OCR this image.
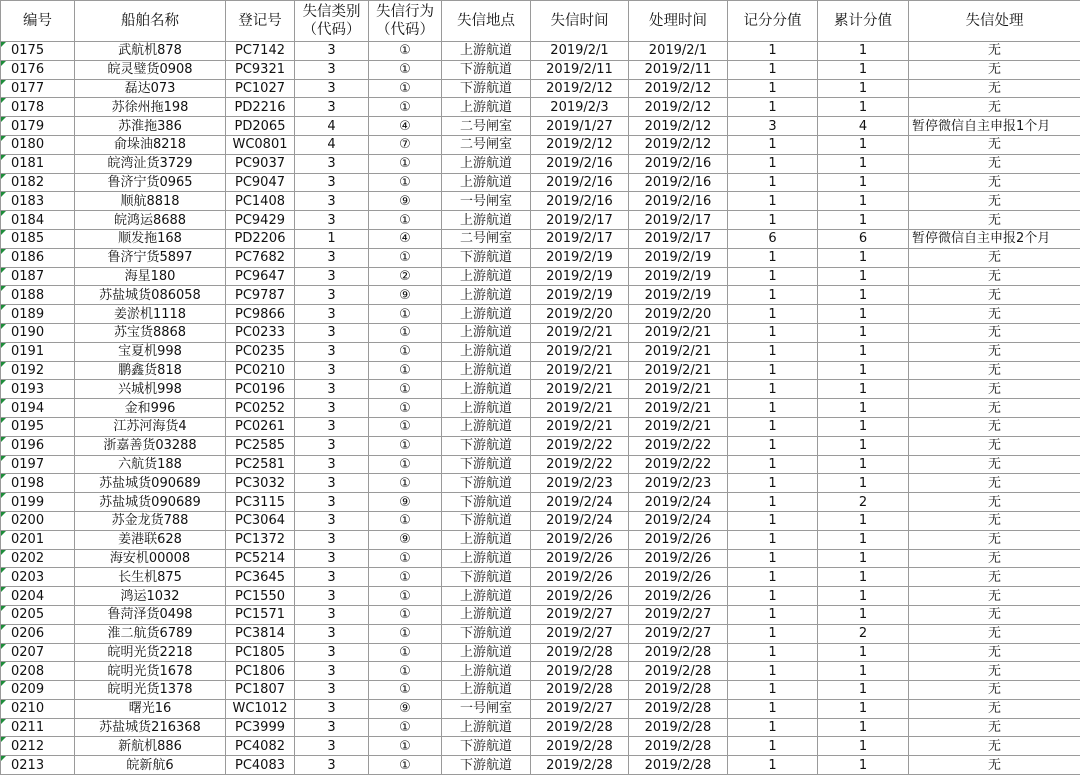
编号	船舶名称	登记号	失信类别（代码）	失信行为（代码）	失信地点	失信时间	处理时间	记分分值	累计分值	失信处理

0175	武航机878	PC7142	3	①	上游航道	2019/2/1	2019/2/1	1	1	无

0176	皖灵璧货0908	PC9321	3	①	下游航道	2019/2/11	2019/2/11	1	1	无

0177	磊达073	PC1027	3	①	下游航道	2019/2/12	2019/2/12	1	1	无

0178	苏徐州拖198	PD2216	3	①	上游航道	2019/2/3	2019/2/12	1	1	无

0179	苏淮拖386	PD2065	4	④	二号闸室	2019/1/27	2019/2/12	3	4	暂停微信自主申报1个月

0180	俞垛油8218	WC0801	4	⑦	二号闸室	2019/2/12	2019/2/12	1	1	无

0181	皖湾沚货3729	PC9037	3	①	上游航道	2019/2/16	2019/2/16	1	1	无

0182	鲁济宁货0965	PC9047	3	①	上游航道	2019/2/16	2019/2/16	1	1	无

0183	顺航8818	PC1408	3	⑨	一号闸室	2019/2/16	2019/2/16	1	1	无

0184	皖鸿运8688	PC9429	3	①	上游航道	2019/2/17	2019/2/17	1	1	无

0185	顺发拖168	PD2206	1	④	二号闸室	2019/2/17	2019/2/17	6	6	暂停微信自主申报2个月

0186	鲁济宁货5897	PC7682	3	①	下游航道	2019/2/19	2019/2/19	1	1	无

0187	海星180	PC9647	3	②	上游航道	2019/2/19	2019/2/19	1	1	无

0188	苏盐城货086058	PC9787	3	⑨	上游航道	2019/2/19	2019/2/19	1	1	无

0189	姜淤机1118	PC9866	3	①	上游航道	2019/2/20	2019/2/20	1	1	无

0190	苏宝货8868	PC0233	3	①	上游航道	2019/2/21	2019/2/21	1	1	无

0191	宝夏机998	PC0235	3	①	上游航道	2019/2/21	2019/2/21	1	1	无

0192	鹏鑫货818	PC0210	3	①	上游航道	2019/2/21	2019/2/21	1	1	无

0193	兴城机998	PC0196	3	①	上游航道	2019/2/21	2019/2/21	1	1	无

0194	金和996	PC0252	3	①	上游航道	2019/2/21	2019/2/21	1	1	无

0195	江苏河海货4	PC0261	3	①	上游航道	2019/2/21	2019/2/21	1	1	无

0196	浙嘉善货03288	PC2585	3	①	下游航道	2019/2/22	2019/2/22	1	1	无

0197	六航货188	PC2581	3	①	下游航道	2019/2/22	2019/2/22	1	1	无

0198	苏盐城货090689	PC3032	3	①	下游航道	2019/2/23	2019/2/23	1	1	无

0199	苏盐城货090689	PC3115	3	⑨	下游航道	2019/2/24	2019/2/24	1	2	无

0200	苏金龙货788	PC3064	3	①	下游航道	2019/2/24	2019/2/24	1	1	无

0201	姜港联628	PC1372	3	⑨	上游航道	2019/2/26	2019/2/26	1	1	无

0202	海安机00008	PC5214	3	①	上游航道	2019/2/26	2019/2/26	1	1	无

0203	长生机875	PC3645	3	①	下游航道	2019/2/26	2019/2/26	1	1	无

0204	鸿运1032	PC1550	3	①	上游航道	2019/2/26	2019/2/26	1	1	无

0205	鲁菏泽货0498	PC1571	3	①	上游航道	2019/2/27	2019/2/27	1	1	无

0206	淮二航货6789	PC3814	3	①	下游航道	2019/2/27	2019/2/27	1	2	无

0207	皖明光货2218	PC1805	3	①	上游航道	2019/2/28	2019/2/28	1	1	无

0208	皖明光货1678	PC1806	3	①	上游航道	2019/2/28	2019/2/28	1	1	无

0209	皖明光货1378	PC1807	3	①	上游航道	2019/2/28	2019/2/28	1	1	无

0210	曙光16	WC1012	3	⑨	一号闸室	2019/2/27	2019/2/28	1	1	无

0211	苏盐城货216368	PC3999	3	①	上游航道	2019/2/28	2019/2/28	1	1	无

0212	新航机886	PC4082	3	①	下游航道	2019/2/28	2019/2/28	1	1	无

0213	皖新航6	PC4083	3	①	下游航道	2019/2/28	2019/2/28	1	1	无
